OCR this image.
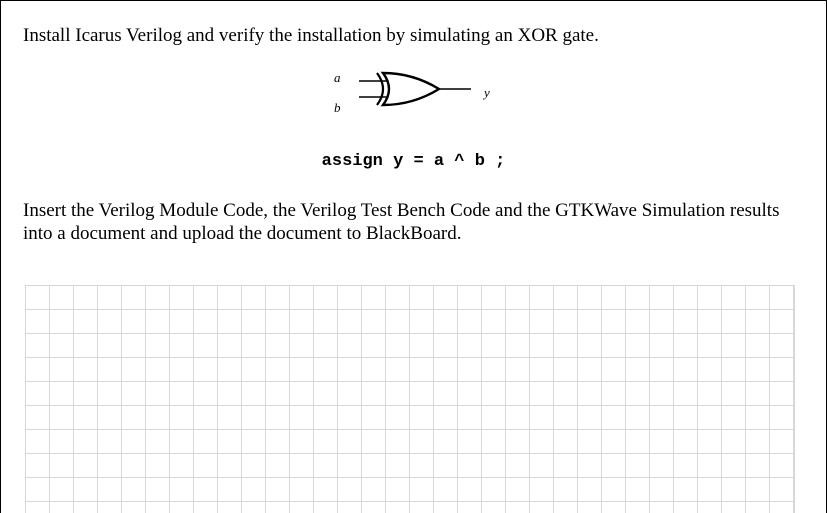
Install Icarus Verilog and verify the installation by simulating an XOR gate.

a
b
y

assign y = a ^ b ;

Insert the Verilog Module Code, the Verilog Test Bench Code and the GTKWave Simulation results into a document and upload the document to BlackBoard.
